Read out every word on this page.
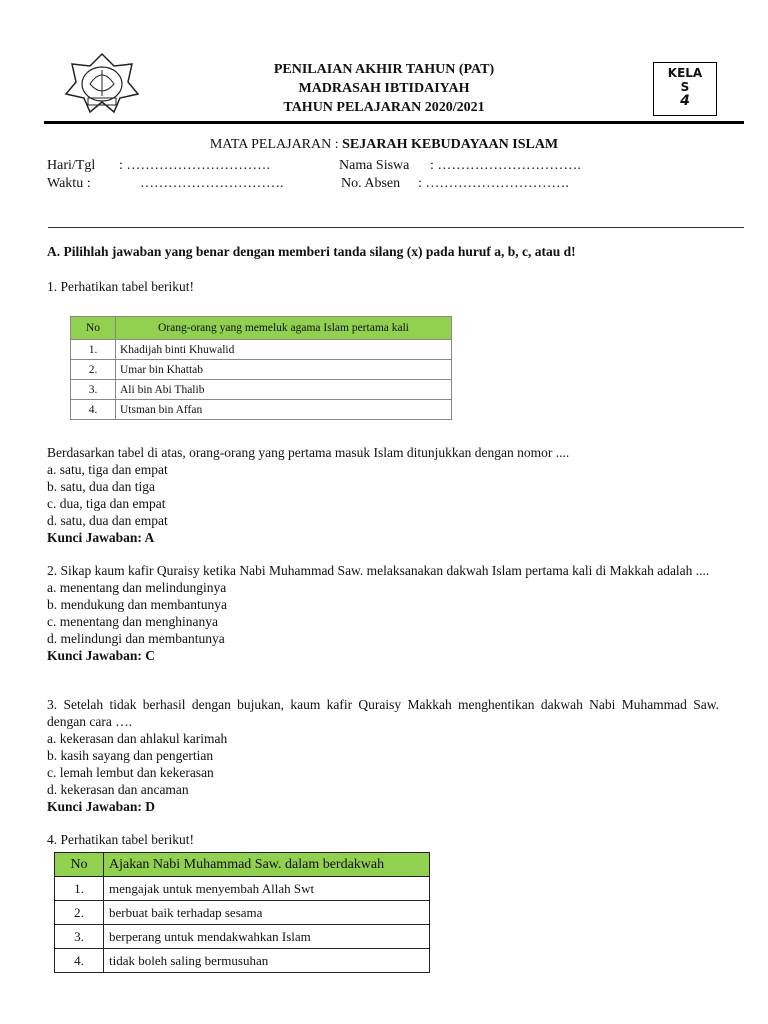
PENILAIAN AKHIR TAHUN (PAT)
MADRASAH IBTIDAIYAH
TAHUN PELAJARAN 2020/2021
KELA
S
4
MATA PELAJARAN : SEJARAH KEBUDAYAAN ISLAM
Hari/Tgl : ………………………….	Nama Siswa : ………………………….
Waktu :	………………………….	No. Absen : ………………………….
A. Pilihlah jawaban yang benar dengan memberi tanda silang (x) pada huruf a, b, c, atau d!
1. Perhatikan tabel berikut!
No	Orang-orang yang memeluk agama Islam pertama kali
1.	Khadijah binti Khuwalid
2.	Umar bin Khattab
3.	Ali bin Abi Thalib
4.	Utsman bin Affan
Berdasarkan tabel di atas, orang-orang yang pertama masuk Islam ditunjukkan dengan nomor ....
a. satu, tiga dan empat
b. satu, dua dan tiga
c. dua, tiga dan empat
d. satu, dua dan empat
Kunci Jawaban: A
2. Sikap kaum kafir Quraisy ketika Nabi Muhammad Saw. melaksanakan dakwah Islam pertama kali di Makkah adalah ....
a. menentang dan melindunginya
b. mendukung dan membantunya
c. menentang dan menghinanya
d. melindungi dan membantunya
Kunci Jawaban: C
3. Setelah tidak berhasil dengan bujukan, kaum kafir Quraisy Makkah menghentikan dakwah Nabi Muhammad Saw. dengan cara ….
a. kekerasan dan ahlakul karimah
b. kasih sayang dan pengertian
c. lemah lembut dan kekerasan
d. kekerasan dan ancaman
Kunci Jawaban: D
4. Perhatikan tabel berikut!
No	Ajakan Nabi Muhammad Saw. dalam berdakwah
1.	mengajak untuk menyembah Allah Swt
2.	berbuat baik terhadap sesama
3.	berperang untuk mendakwahkan Islam
4.	tidak boleh saling bermusuhan
